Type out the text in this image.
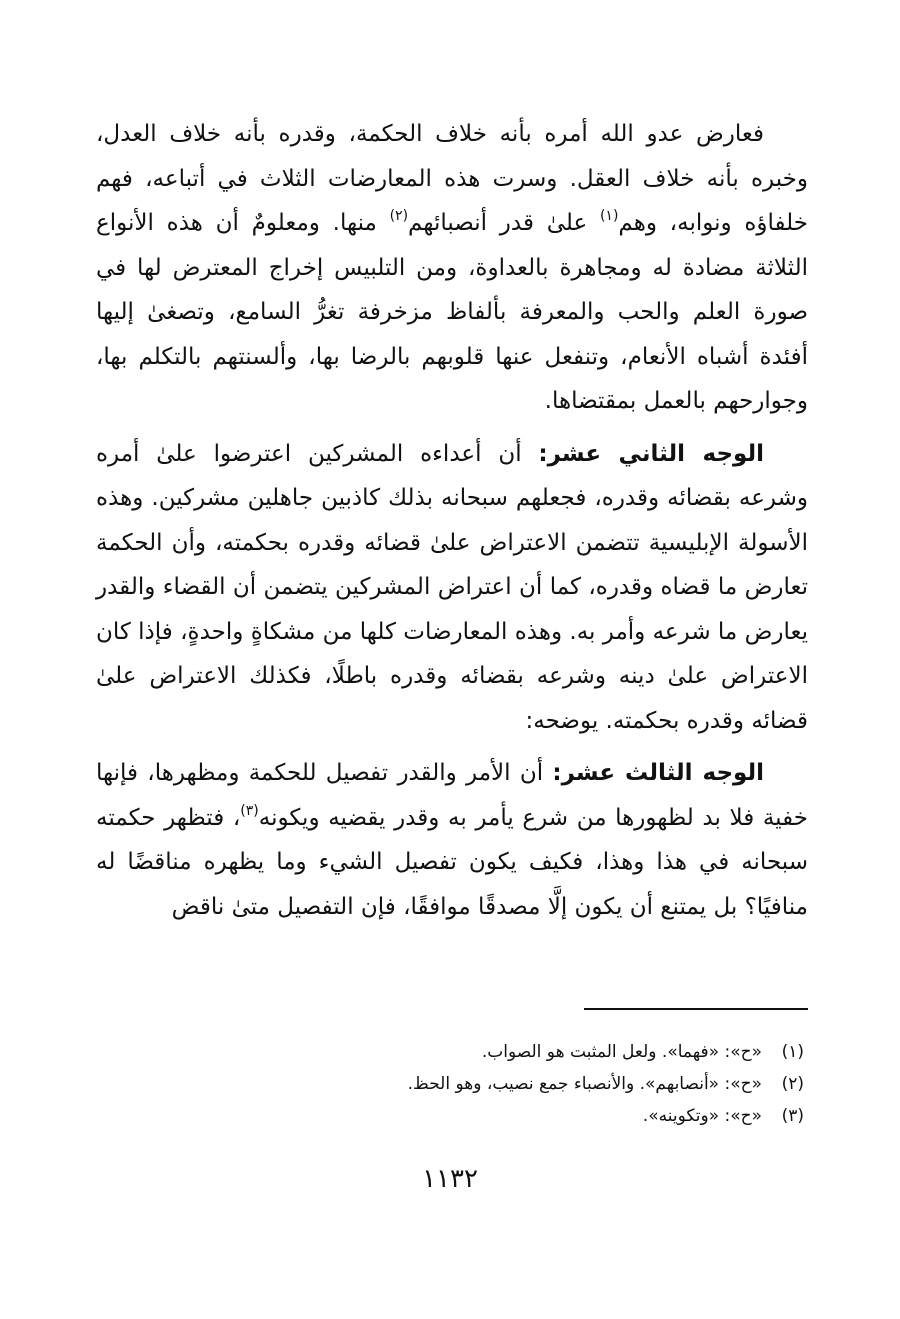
فعارض عدو الله أمره بأنه خلاف الحكمة، وقدره بأنه خلاف العدل، وخبره بأنه خلاف العقل. وسرت هذه المعارضات الثلاث في أتباعه، فهم خلفاؤه ونوابه، وهم$^{(١)}$ علىٰ قدر أنصبائهم$^{(٢)}$ منها. ومعلومٌ أن هذه الأنواع الثلاثة مضادة له ومجاهرة بالعداوة، ومن التلبيس إخراج المعترض لها في صورة العلم والحب والمعرفة بألفاظ مزخرفة تغرُّ السامع، وتصغىٰ إليها أفئدة أشباه الأنعام، وتنفعل عنها قلوبهم بالرضا بها، وألسنتهم بالتكلم بها، وجوارحهم بالعمل بمقتضاها.

الوجه الثاني عشر: أن أعداءه المشركين اعترضوا علىٰ أمره وشرعه بقضائه وقدره، فجعلهم سبحانه بذلك كاذبين جاهلين مشركين. وهذه الأسولة الإبليسية تتضمن الاعتراض علىٰ قضائه وقدره بحكمته، وأن الحكمة تعارض ما قضاه وقدره، كما أن اعتراض المشركين يتضمن أن القضاء والقدر يعارض ما شرعه وأمر به. وهذه المعارضات كلها من مشكاةٍ واحدةٍ، فإذا كان الاعتراض علىٰ دينه وشرعه بقضائه وقدره باطلًا، فكذلك الاعتراض علىٰ قضائه وقدره بحكمته. يوضحه:

الوجه الثالث عشر: أن الأمر والقدر تفصيل للحكمة ومظهرها، فإنها خفية فلا بد لظهورها من شرع يأمر به وقدر يقضيه ويكونه$^{(٣)}$، فتظهر حكمته سبحانه في هذا وهذا، فكيف يكون تفصيل الشيء وما يظهره مناقضًا له منافيًا؟ بل يمتنع أن يكون إلَّا مصدقًا موافقًا، فإن التفصيل متىٰ ناقض

(١)
«ح»: «فهما». ولعل المثبت هو الصواب.
(٢)
«ح»: «أنصابهم». والأنصباء جمع نصيب، وهو الحظ.
(٣)
«ح»: «وتكوينه».
١١٣٢
